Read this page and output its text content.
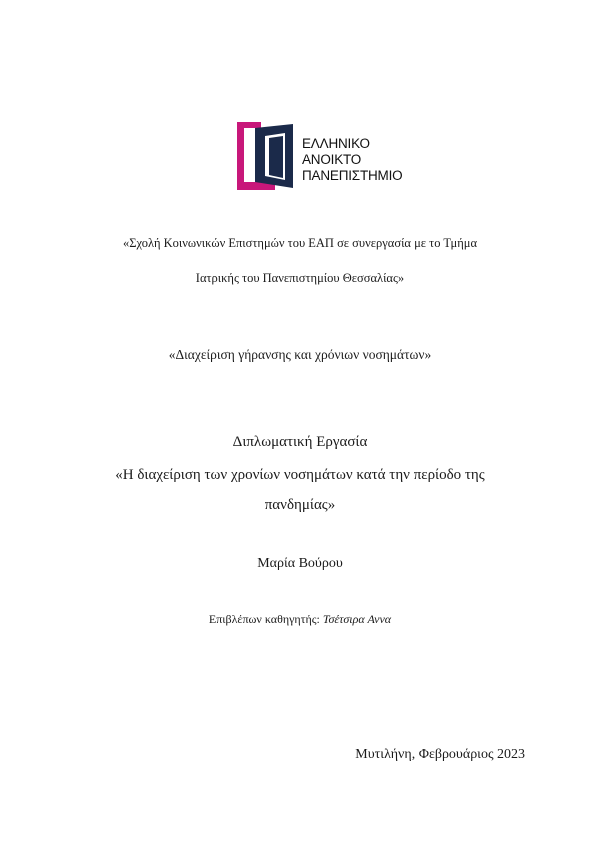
ΕΛΛΗΝΙΚΟ
ΑΝΟΙΚΤΟ
ΠΑΝΕΠΙΣΤΗΜΙΟ
«Σχολή Κοινωνικών Επιστημών του ΕΑΠ σε συνεργασία με το Τμήμα
Ιατρικής του Πανεπιστημίου Θεσσαλίας»
«Διαχείριση γήρανσης και χρόνιων νοσημάτων»
Διπλωματική Εργασία
«Η διαχείριση των χρονίων νοσημάτων κατά την περίοδο της
πανδημίας»
Μαρία Βούρου
Επιβλέπων καθηγητής: Τσέτσιρα Αννα
Μυτιλήνη, Φεβρουάριος 2023
